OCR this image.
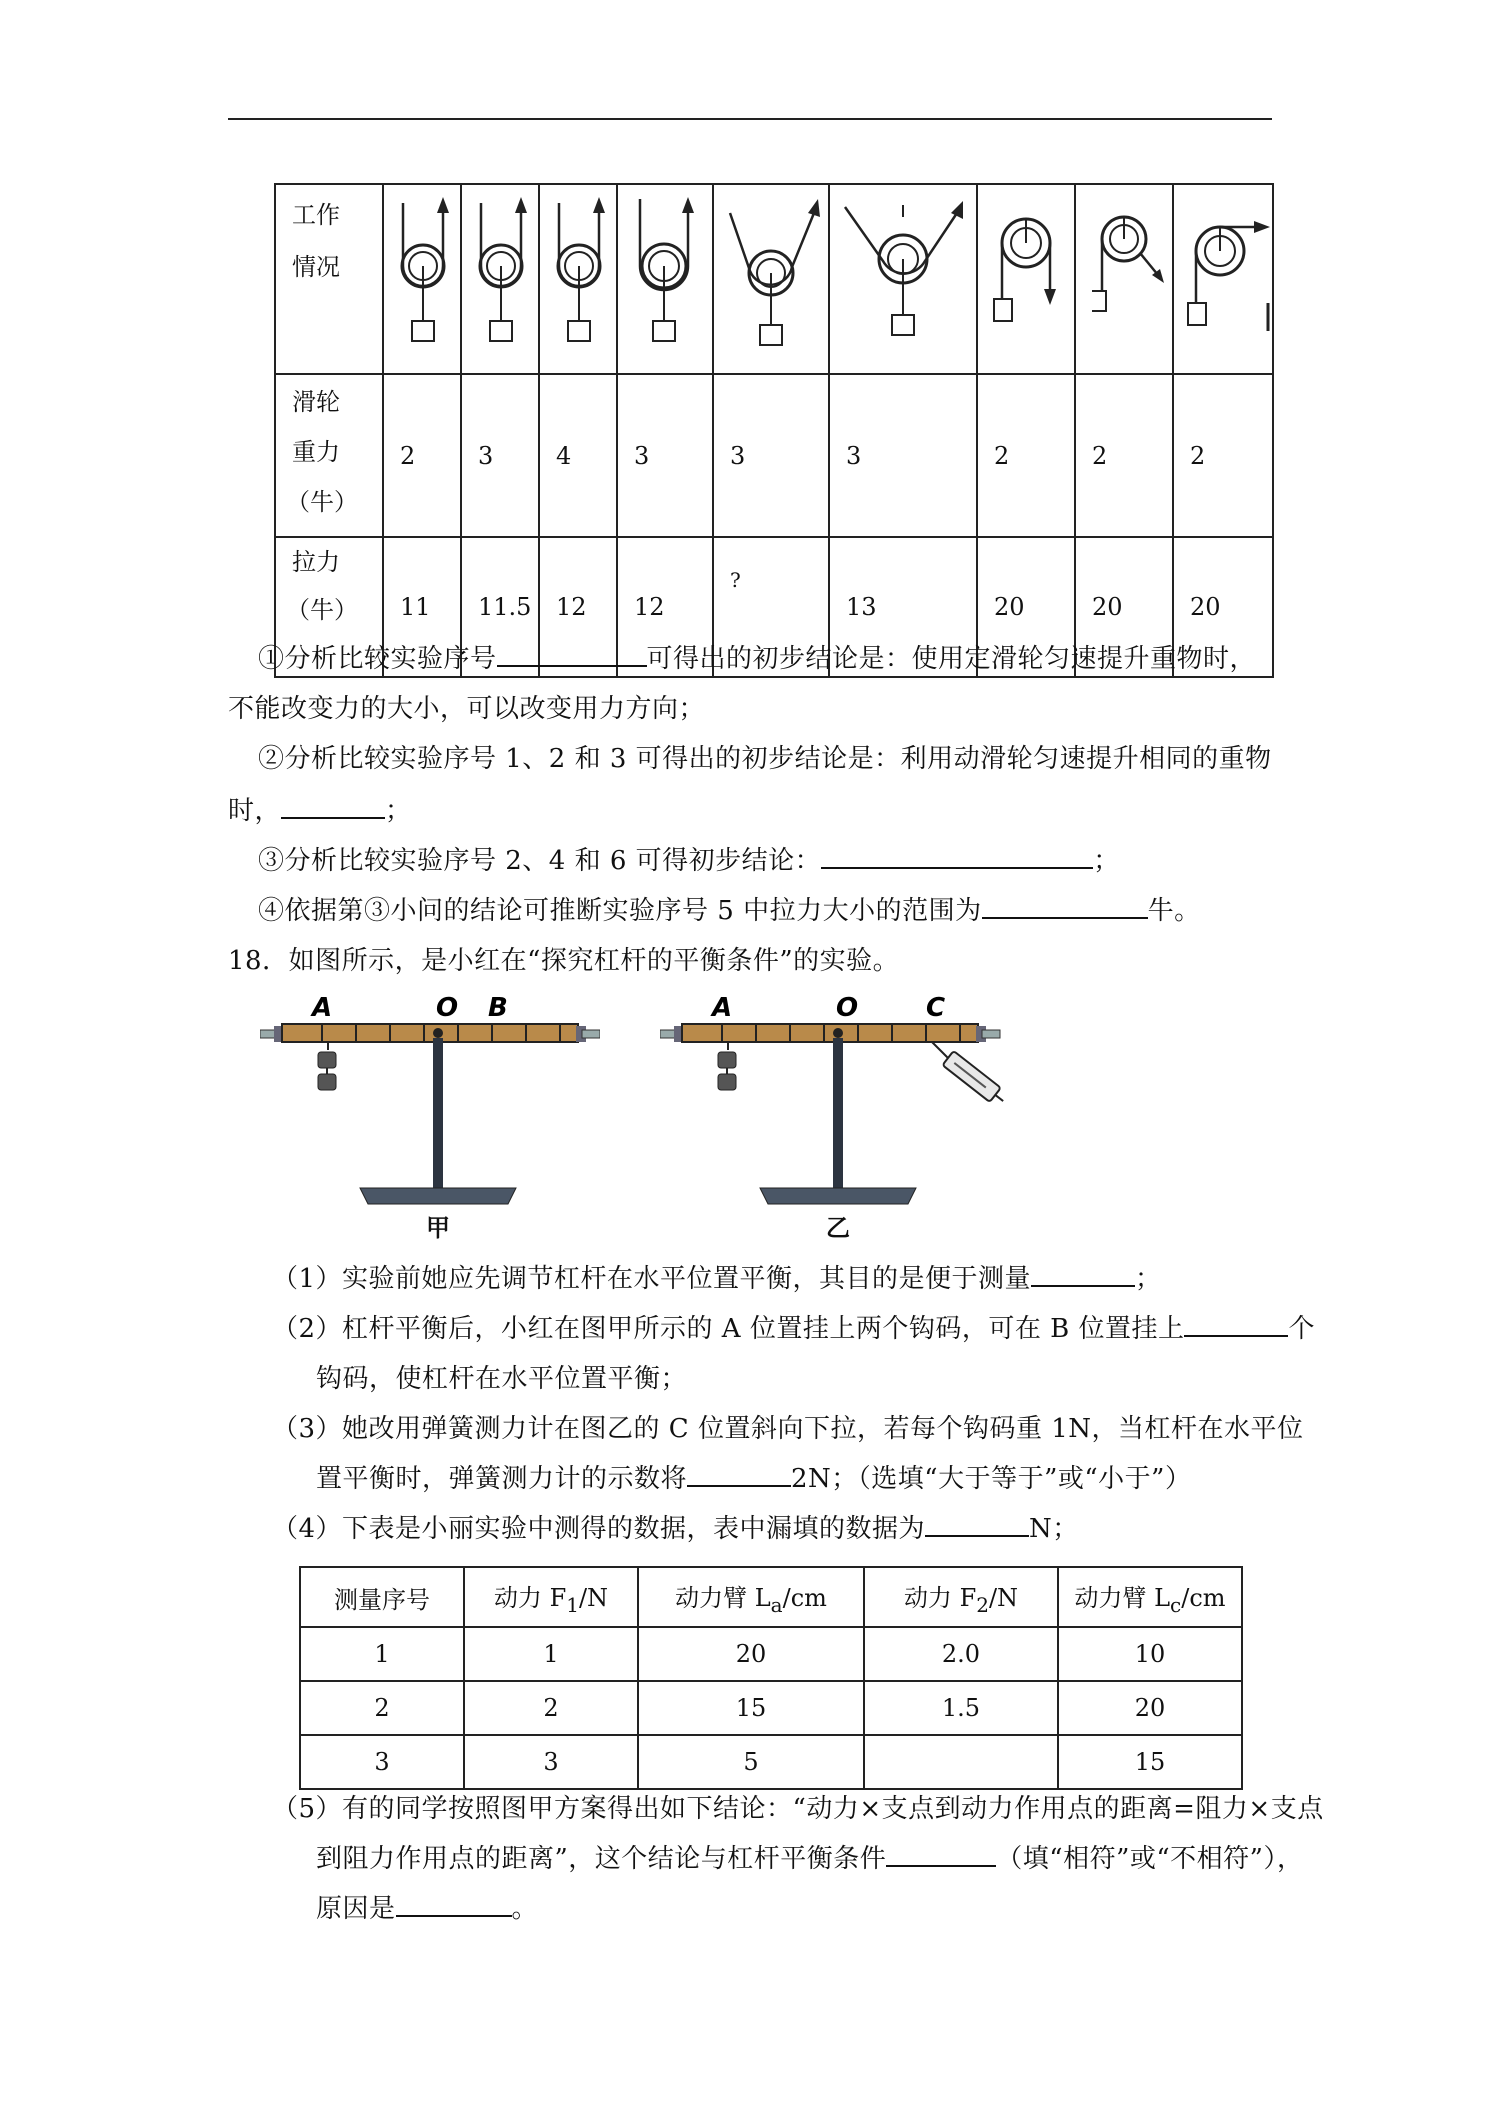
工作
情况

滑轮
重力
（牛）	2	3	4	3	3	3	2	2	2

拉力
（牛）	11	11.5	12	12	?	13	20	20	20
①分析比较实验序号	可得出的初步结论是：使用定滑轮匀速提升重物时，
不能改变力的大小，可以改变用力方向；
②分析比较实验序号 1、2 和 3 可得出的初步结论是：利用动滑轮匀速提升相同的重物
时，	；
③分析比较实验序号 2、4 和 6 可得初步结论：	；
④依据第③小问的结论可推断实验序号 5 中拉力大小的范围为	牛。
18．如图所示，是小红在“探究杠杆的平衡条件”的实验。
A	O B
甲
A	O	C
乙
（1）实验前她应先调节杠杆在水平位置平衡，其目的是便于测量	；
（2）杠杆平衡后，小红在图甲所示的 A 位置挂上两个钩码，可在 B 位置挂上	个
钩码，使杠杆在水平位置平衡；
（3）她改用弹簧测力计在图乙的 C 位置斜向下拉，若每个钩码重 1N，当杠杆在水平位
置平衡时，弹簧测力计的示数将	2N；（选填“大于等于”或“小于”）
（4）下表是小丽实验中测得的数据，表中漏填的数据为	N；
测量序号	动力 $F_1/N$	动力臂 $L_a/cm$	动力 $F_2/N$	动力臂 $L_c/cm$
1	1	20	2.0	10
2	2	15	1.5	20
3	3	5		15
（5）有的同学按照图甲方案得出如下结论：“动力×支点到动力作用点的距离=阻力×支点
到阻力作用点的距离”，这个结论与杠杆平衡条件	（填“相符”或“不相符”），
原因是	。
